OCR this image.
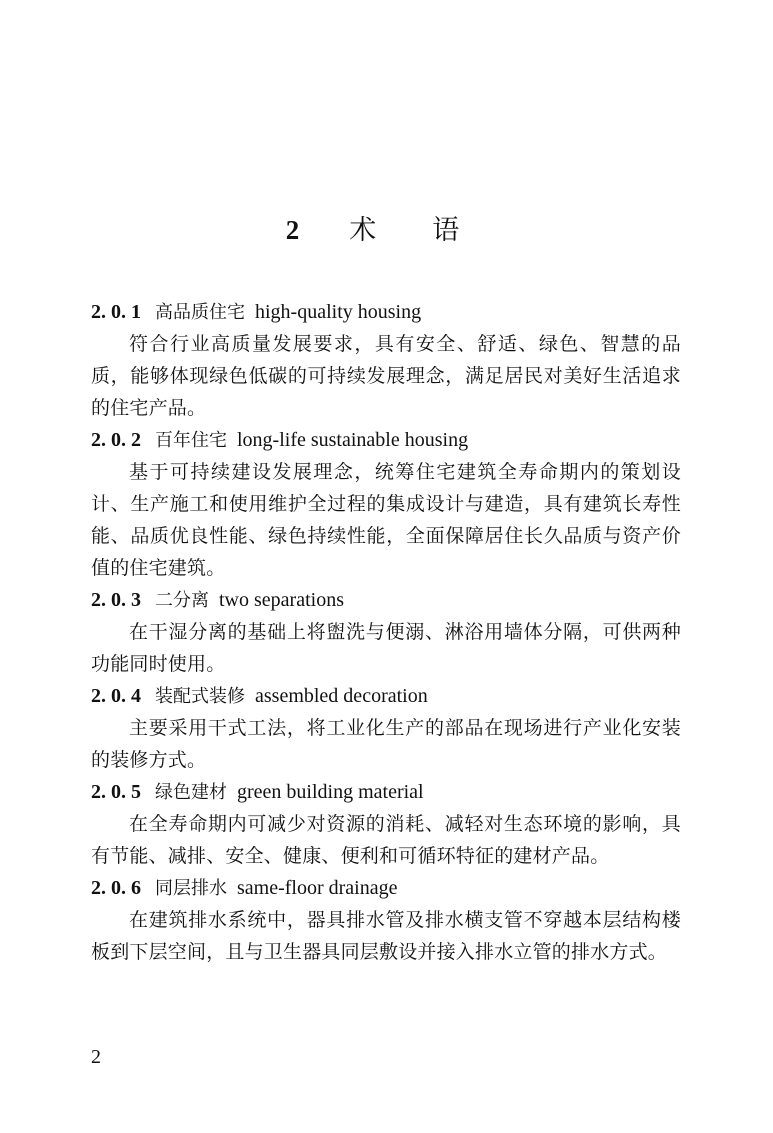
2 术 语
2. 0. 1 高品质住宅 high-quality housing

符合行业高质量发展要求，具有安全、舒适、绿色、智慧的品质，能够体现绿色低碳的可持续发展理念，满足居民对美好生活追求的住宅产品。

2. 0. 2 百年住宅 long-life sustainable housing

基于可持续建设发展理念，统筹住宅建筑全寿命期内的策划设计、生产施工和使用维护全过程的集成设计与建造，具有建筑长寿性能、品质优良性能、绿色持续性能，全面保障居住长久品质与资产价值的住宅建筑。

2. 0. 3 二分离 two separations

在干湿分离的基础上将盥洗与便溺、淋浴用墙体分隔，可供两种功能同时使用。

2. 0. 4 装配式装修 assembled decoration

主要采用干式工法，将工业化生产的部品在现场进行产业化安装的装修方式。

2. 0. 5 绿色建材 green building material

在全寿命期内可减少对资源的消耗、减轻对生态环境的影响，具有节能、减排、安全、健康、便利和可循环特征的建材产品。

2. 0. 6 同层排水 same-floor drainage

在建筑排水系统中，器具排水管及排水横支管不穿越本层结构楼板到下层空间，且与卫生器具同层敷设并接入排水立管的排水方式。

2
